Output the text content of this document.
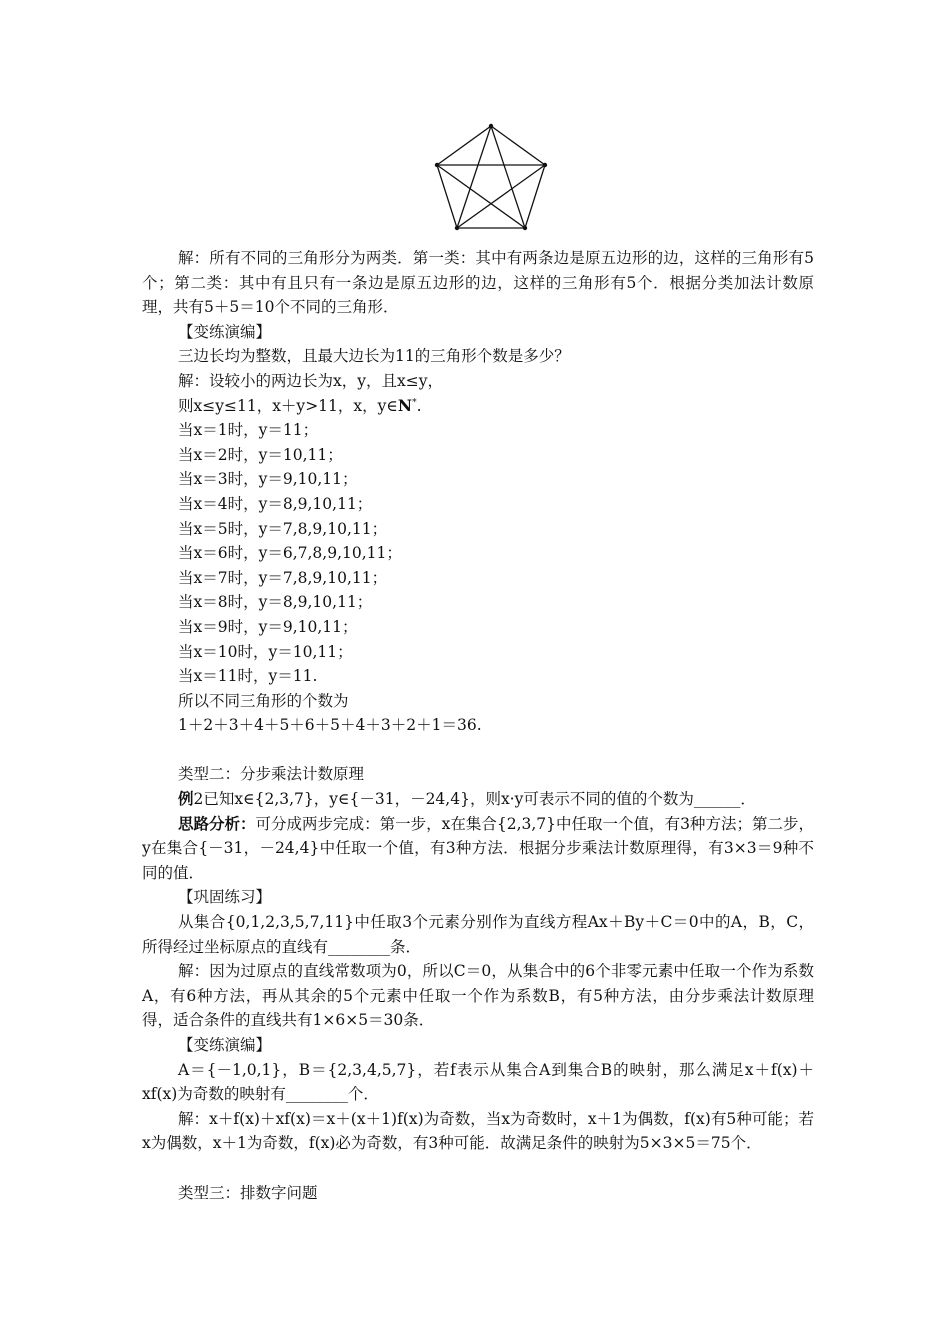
解：所有不同的三角形分为两类．第一类：其中有两条边是原五边形的边，这样的三角形有5个；第二类：其中有且只有一条边是原五边形的边，这样的三角形有5个．根据分类加法计数原理，共有5＋5＝10个不同的三角形．

【变练演编】

三边长均为整数，且最大边长为11的三角形个数是多少？

解：设较小的两边长为x，y，且x≤y，

则x≤y≤11，x＋y>11，x，y∈N*.

当x＝1时，y＝11；

当x＝2时，y＝10,11；

当x＝3时，y＝9,10,11；

当x＝4时，y＝8,9,10,11；

当x＝5时，y＝7,8,9,10,11；

当x＝6时，y＝6,7,8,9,10,11；

当x＝7时，y＝7,8,9,10,11；

当x＝8时，y＝8,9,10,11；

当x＝9时，y＝9,10,11；

当x＝10时，y＝10,11；

当x＝11时，y＝11.

所以不同三角形的个数为

1＋2＋3＋4＋5＋6＋5＋4＋3＋2＋1＝36.

类型二：分步乘法计数原理

例2已知x∈{2,3,7}，y∈{－31，－24,4}，则x·y可表示不同的值的个数为______．

思路分析：可分成两步完成：第一步，x在集合{2,3,7}中任取一个值，有3种方法；第二步，y在集合{－31，－24,4}中任取一个值，有3种方法．根据分步乘法计数原理得，有3×3＝9种不同的值．

【巩固练习】

从集合{0,1,2,3,5,7,11}中任取3个元素分别作为直线方程Ax＋By＋C＝0中的A，B，C，所得经过坐标原点的直线有________条．

解：因为过原点的直线常数项为0，所以C＝0，从集合中的6个非零元素中任取一个作为系数A，有6种方法，再从其余的5个元素中任取一个作为系数B，有5种方法，由分步乘法计数原理得，适合条件的直线共有1×6×5＝30条．

【变练演编】

A＝{－1,0,1}，B＝{2,3,4,5,7}，若f表示从集合A到集合B的映射，那么满足x＋f(x)＋xf(x)为奇数的映射有________个．

解：x＋f(x)＋xf(x)＝x＋(x＋1)f(x)为奇数，当x为奇数时，x＋1为偶数，f(x)有5种可能；若x为偶数，x＋1为奇数，f(x)必为奇数，有3种可能．故满足条件的映射为5×3×5＝75个．

类型三：排数字问题
